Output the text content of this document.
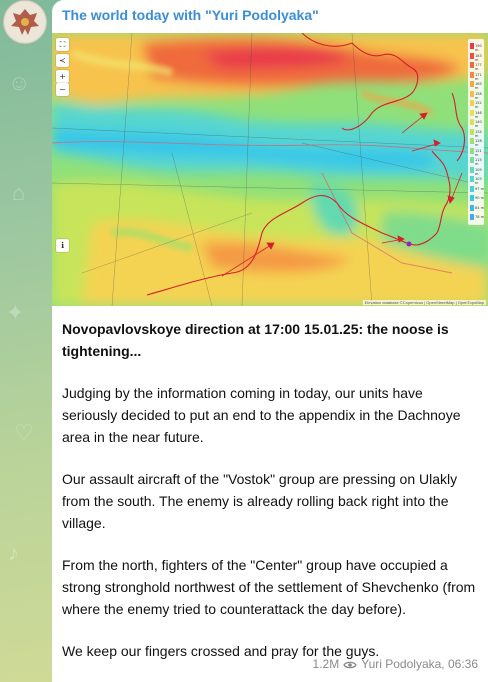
☺
⌂
✦
♡
♪
The world today with "Yuri Podolyaka"
⛶
≺
+
−
ℹ
190 m
183 m
177 m
171 m
165 m
158 m
152 m
146 m
140 m
134 m
128 m
121 m
115 m
109 m
103 m
97 m
90 m
84 m
78 m
Elevation database ©Copernicus | OpenStreetMap | OpenTopoMap

Novopavlovskoye direction at 17:00 15.01.25: the noose is tightening...

Judging by the information coming in today, our units have seriously decided to put an end to the appendix in the Dachnoye area in the near future.

Our assault aircraft of the "Vostok" group are pressing on Ulakly from the south. The enemy is already rolling back right into the village.

From the north, fighters of the "Center" group have occupied a strong stronghold northwest of the settlement of Shevchenko (from where the enemy tried to counterattack the day before).

We keep our fingers crossed and pray for the guys.

1.2M Yuri Podolyaka, 06:36
